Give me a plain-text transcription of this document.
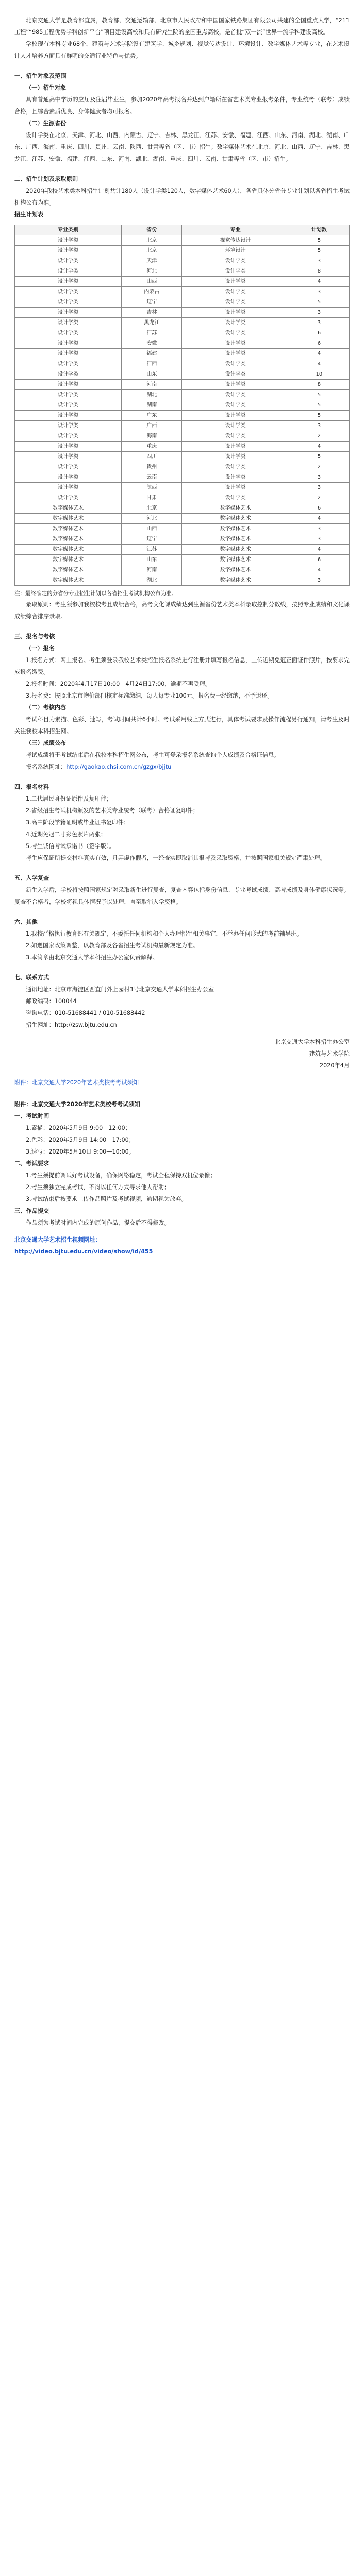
北京交通大学是教育部直属，教育部、交通运输部、北京市人民政府和中国国家铁路集团有限公司共建的全国重点大学，“211工程”“985工程优势学科创新平台”项目建设高校和具有研究生院的全国重点高校，是首批“双一流”世界一流学科建设高校。

学校现有本科专业68个，建筑与艺术学院设有建筑学、城乡规划、视觉传达设计、环境设计、数字媒体艺术等专业，在艺术设计人才培养方面具有鲜明的交通行业特色与优势。

一、招生对象及范围

（一）招生对象

具有普通高中学历的应届及往届毕业生，参加2020年高考报名并达到户籍所在省艺术类专业报考条件，专业统考（联考）成绩合格，且综合素质优良、身体健康者均可报名。

（二）生源省份

设计学类在北京、天津、河北、山西、内蒙古、辽宁、吉林、黑龙江、江苏、安徽、福建、江西、山东、河南、湖北、湖南、广东、广西、海南、重庆、四川、贵州、云南、陕西、甘肃等省（区、市）招生；数字媒体艺术在北京、河北、山西、辽宁、吉林、黑龙江、江苏、安徽、福建、江西、山东、河南、湖北、湖南、重庆、四川、云南、甘肃等省（区、市）招生。

二、招生计划及录取原则

2020年我校艺术类本科招生计划共计180人（设计学类120人，数字媒体艺术60人），各省具体分省分专业计划以各省招生考试机构公布为准。

招生计划表

专业类别	省份	专业	计划数
设计学类	北京	视觉传达设计	5
设计学类	北京	环境设计	5
设计学类	天津	设计学类	3
设计学类	河北	设计学类	8
设计学类	山西	设计学类	4
设计学类	内蒙古	设计学类	3
设计学类	辽宁	设计学类	5
设计学类	吉林	设计学类	3
设计学类	黑龙江	设计学类	3
设计学类	江苏	设计学类	6
设计学类	安徽	设计学类	6
设计学类	福建	设计学类	4
设计学类	江西	设计学类	4
设计学类	山东	设计学类	10
设计学类	河南	设计学类	8
设计学类	湖北	设计学类	5
设计学类	湖南	设计学类	5
设计学类	广东	设计学类	5
设计学类	广西	设计学类	3
设计学类	海南	设计学类	2
设计学类	重庆	设计学类	4
设计学类	四川	设计学类	5
设计学类	贵州	设计学类	2
设计学类	云南	设计学类	3
设计学类	陕西	设计学类	3
设计学类	甘肃	设计学类	2
数字媒体艺术	北京	数字媒体艺术	6
数字媒体艺术	河北	数字媒体艺术	4
数字媒体艺术	山西	数字媒体艺术	3
数字媒体艺术	辽宁	数字媒体艺术	3
数字媒体艺术	江苏	数字媒体艺术	4
数字媒体艺术	山东	数字媒体艺术	6
数字媒体艺术	河南	数字媒体艺术	4
数字媒体艺术	湖北	数字媒体艺术	3

注：最终确定的分省分专业招生计划以各省招生考试机构公布为准。

录取原则：考生须参加我校校考且成绩合格，高考文化课成绩达到生源省份艺术类本科录取控制分数线，按照专业成绩和文化课成绩综合排序录取。

三、报名与考核

（一）报名

1.报名方式：网上报名。考生须登录我校艺术类招生报名系统进行注册并填写报名信息，上传近期免冠正面证件照片，按要求完成报名缴费。

2.报名时间：2020年4月17日10:00—4月24日17:00，逾期不再受理。

3.报名费：按照北京市物价部门核定标准缴纳，每人每专业100元。报名费一经缴纳，不予退还。

（二）考核内容

考试科目为素描、色彩、速写，考试时间共计6小时。考试采用线上方式进行，具体考试要求及操作流程另行通知，请考生及时关注我校本科招生网。

（三）成绩公布

考试成绩将于考试结束后在我校本科招生网公布，考生可登录报名系统查询个人成绩及合格证信息。

报名系统网址：http://gaokao.chsi.com.cn/gzgx/bjjtu

四、报名材料

1.二代居民身份证原件及复印件；

2.省级招生考试机构颁发的艺术类专业统考（联考）合格证复印件；

3.高中阶段学籍证明或毕业证书复印件；

4.近期免冠二寸彩色照片两张；

5.考生诚信考试承诺书（签字版）。

考生应保证所提交材料真实有效，凡弄虚作假者，一经查实即取消其报考及录取资格，并按照国家相关规定严肃处理。

五、入学复查

新生入学后，学校将按照国家规定对录取新生进行复查，复查内容包括身份信息、专业考试成绩、高考成绩及身体健康状况等。复查不合格者，学校将视具体情况予以处理，直至取消入学资格。

六、其他

1.我校严格执行教育部有关规定，不委托任何机构和个人办理招生相关事宜，不举办任何形式的考前辅导班。

2.如遇国家政策调整，以教育部及各省招生考试机构最新规定为准。

3.本简章由北京交通大学本科招生办公室负责解释。

七、联系方式

通讯地址：北京市海淀区西直门外上园村3号北京交通大学本科招生办公室

邮政编码：100044

咨询电话：010-51688441 / 010-51688442

招生网址：http://zsw.bjtu.edu.cn

北京交通大学本科招生办公室

建筑与艺术学院

2020年4月

附件：北京交通大学2020年艺术类校考考试须知

附件：北京交通大学2020年艺术类校考考试须知

一、考试时间

1.素描：2020年5月9日 9:00—12:00；

2.色彩：2020年5月9日 14:00—17:00；

3.速写：2020年5月10日 9:00—10:00。

二、考试要求

1.考生须提前调试好考试设备，确保网络稳定，考试全程保持双机位录像；

2.考生须独立完成考试，不得以任何方式寻求他人帮助；

3.考试结束后按要求上传作品照片及考试视频，逾期视为放弃。

三、作品提交

作品须为考试时间内完成的原创作品，提交后不得修改。

北京交通大学艺术招生视频网址：

http://video.bjtu.edu.cn/video/show/id/455
